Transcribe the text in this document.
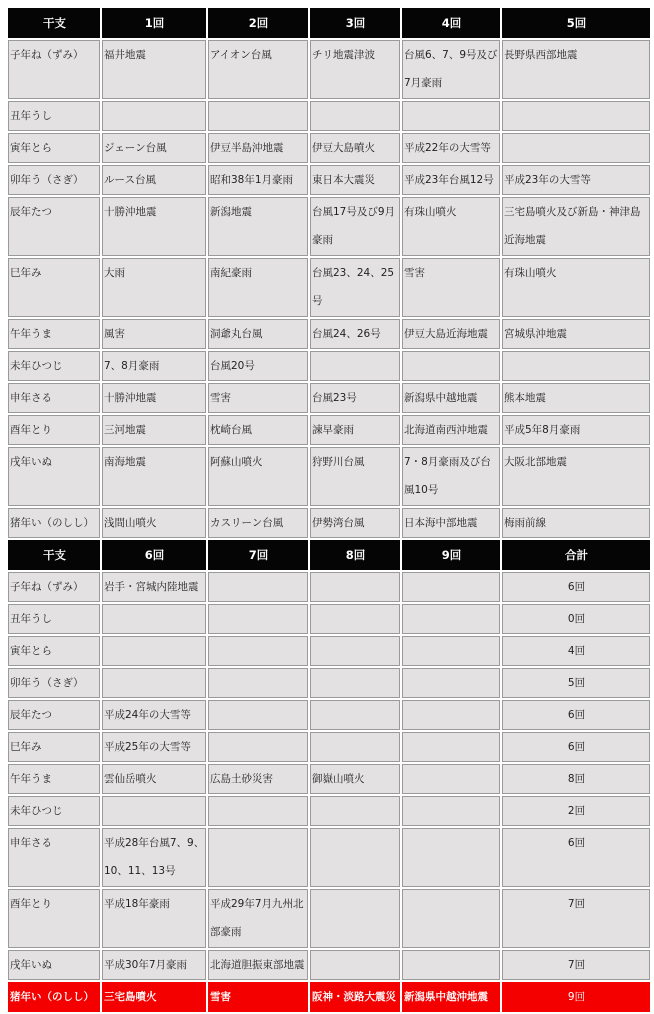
干支	1回	2回	3回	4回	5回
子年ね（ずみ）	福井地震	アイオン台風	チリ地震津波	台風6、7、9号及び7月豪雨	長野県西部地震
丑年うし					
寅年とら	ジェーン台風	伊豆半島沖地震	伊豆大島噴火	平成22年の大雪等	
卯年う（さぎ）	ルース台風	昭和38年1月豪雨	東日本大震災	平成23年台風12号	平成23年の大雪等
辰年たつ	十勝沖地震	新潟地震	台風17号及び9月豪雨	有珠山噴火	三宅島噴火及び新島・神津島近海地震
巳年み	大雨	南紀豪雨	台風23、24、25号	雪害	有珠山噴火
午年うま	風害	洞爺丸台風	台風24、26号	伊豆大島近海地震	宮城県沖地震
未年ひつじ	7、8月豪雨	台風20号			
申年さる	十勝沖地震	雪害	台風23号	新潟県中越地震	熊本地震
酉年とり	三河地震	枕崎台風	諫早豪雨	北海道南西沖地震	平成5年8月豪雨
戌年いぬ	南海地震	阿蘇山噴火	狩野川台風	7・8月豪雨及び台風10号	大阪北部地震
猪年い（のしし）	浅間山噴火	カスリーン台風	伊勢湾台風	日本海中部地震	梅雨前線
干支	6回	7回	8回	9回	合計
子年ね（ずみ）	岩手・宮城内陸地震				6回
丑年うし					0回
寅年とら					4回
卯年う（さぎ）					5回
辰年たつ	平成24年の大雪等				6回
巳年み	平成25年の大雪等				6回
午年うま	雲仙岳噴火	広島土砂災害	御嶽山噴火		8回
未年ひつじ					2回
申年さる	平成28年台風7、9、10、11、13号				6回
酉年とり	平成18年豪雨	平成29年7月九州北部豪雨			7回
戌年いぬ	平成30年7月豪雨	北海道胆振東部地震			7回
猪年い（のしし）	三宅島噴火	雪害	阪神・淡路大震災	新潟県中越沖地震	9回
